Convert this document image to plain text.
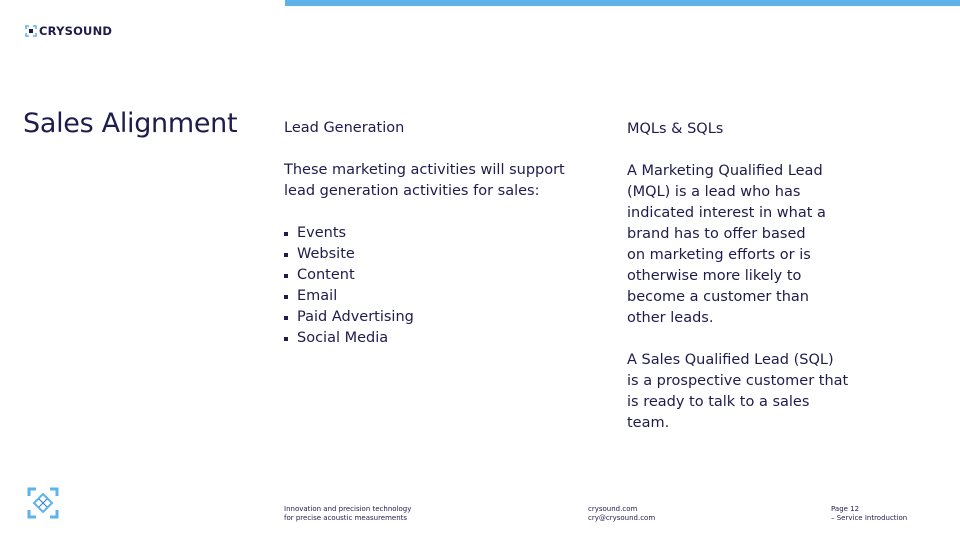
CRYSOUND
Sales Alignment	Lead Generation

These marketing activities will support lead generation activities for sales:

Events
Website
Content
Email
Paid Advertising
Social Media
MQLs & SQLs

A Marketing Qualified Lead (MQL) is a lead who has indicated interest in what a brand has to offer based on marketing efforts or is otherwise more likely to become a customer than other leads.

A Sales Qualified Lead (SQL) is a prospective customer that is ready to talk to a sales team.

Innovation and precision technology
for precise acoustic measurements
crysound.com
cry@crysound.com
Page 12
– Service Introduction
